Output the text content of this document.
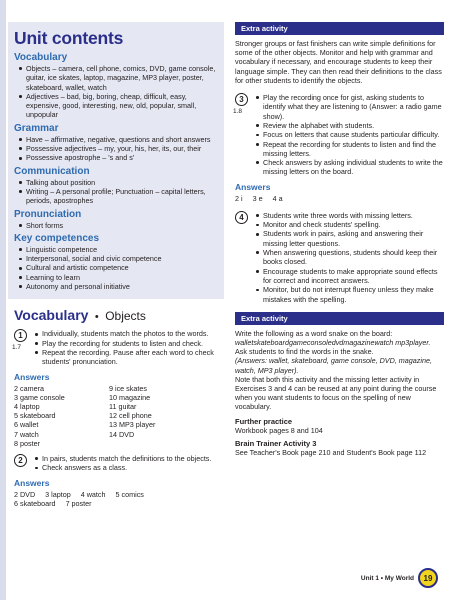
Unit contents
Vocabulary
Objects – camera, cell phone, comics, DVD, game console, guitar, ice skates, laptop, magazine, MP3 player, poster, skateboard, wallet, watch
Adjectives – bad, big, boring, cheap, difficult, easy, expensive, good, interesting, new, old, popular, small, unpopular
Grammar
Have – affirmative, negative, questions and short answers
Possessive adjectives – my, your, his, her, its, our, their
Possessive apostrophe – 's and s'
Communication
Talking about position
Writing – A personal profile; Punctuation – capital letters, periods, apostrophes
Pronunciation
Short forms
Key competences
Linguistic competence
Interpersonal, social and civic competence
Cultural and artistic competence
Learning to learn
Autonomy and personal initiative
Vocabulary • Objects
1
1.7
Individually, students match the photos to the words.
Play the recording for students to listen and check.
Repeat the recording. Pause after each word to check students' pronunciation.
Answers
2 camera
3 game console
4 laptop
5 skateboard
6 wallet
7 watch
8 poster
9 ice skates
10 magazine
11 guitar
12 cell phone
13 MP3 player
14 DVD
2	In pairs, students match the definitions to the objects.
Check answers as a class.
Answers
2 DVD 3 laptop 4 watch 5 comics
6 skateboard 7 poster
Extra activity
Stronger groups or fast finishers can write simple definitions for some of the other objects. Monitor and help with grammar and vocabulary if necessary, and encourage students to keep their language simple. They can then read their definitions to the class for other students to identify the objects.
3
1.8
Play the recording once for gist, asking students to identify what they are listening to (Answer: a radio game show).
Review the alphabet with students.
Focus on letters that cause students particular difficulty.
Repeat the recording for students to listen and find the missing letters.
Check answers by asking individual students to write the missing letters on the board.
Answers
2 i 3 e 4 a
4	Students write three words with missing letters.
Monitor and check students' spelling.
Students work in pairs, asking and answering their missing letter questions.
When answering questions, students should keep their books closed.
Encourage students to make appropriate sound effects for correct and incorrect answers.
Monitor, but do not interrupt fluency unless they make mistakes with the spelling.
Extra activity
Write the following as a word snake on the board:
walletskateboardgameconsoledvdmagazinewatch mp3player.
Ask students to find the words in the snake.
(Answers: wallet, skateboard, game console, DVD, magazine, watch, MP3 player).
Note that both this activity and the missing letter activity in Exercises 3 and 4 can be reused at any point during the course when you want students to focus on the spelling of new vocabulary.
Further practice
Workbook pages 8 and 104
Brain Trainer Activity 3
See Teacher's Book page 210 and Student's Book page 112
Unit 1 • My World	19
